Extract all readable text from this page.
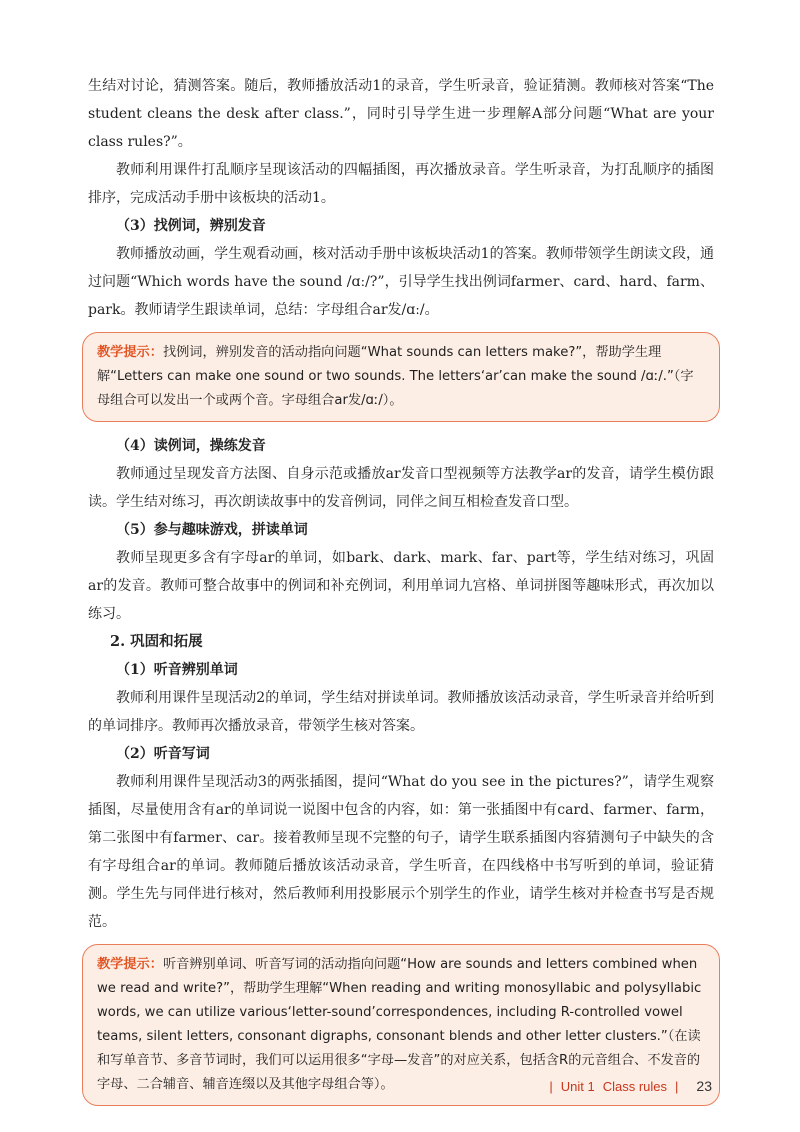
生结对讨论，猜测答案。随后，教师播放活动1的录音，学生听录音，验证猜测。教师核对答案“The student cleans the desk after class.”，同时引导学生进一步理解A部分问题“What are your class rules?”。

教师利用课件打乱顺序呈现该活动的四幅插图，再次播放录音。学生听录音，为打乱顺序的插图排序，完成活动手册中该板块的活动1。

（3）找例词，辨别发音

教师播放动画，学生观看动画，核对活动手册中该板块活动1的答案。教师带领学生朗读文段，通过问题“Which words have the sound /ɑː/?”，引导学生找出例词farmer、card、hard、farm、park。教师请学生跟读单词，总结：字母组合ar发/ɑː/。

教学提示：找例词，辨别发音的活动指向问题“What sounds can letters make?”，帮助学生理解“Letters can make one sound or two sounds. The letters‘ar’can make the sound /ɑː/.”（字母组合可以发出一个或两个音。字母组合ar发/ɑː/）。

（4）读例词，操练发音

教师通过呈现发音方法图、自身示范或播放ar发音口型视频等方法教学ar的发音，请学生模仿跟读。学生结对练习，再次朗读故事中的发音例词，同伴之间互相检查发音口型。

（5）参与趣味游戏，拼读单词

教师呈现更多含有字母ar的单词，如bark、dark、mark、far、part等，学生结对练习，巩固ar的发音。教师可整合故事中的例词和补充例词，利用单词九宫格、单词拼图等趣味形式，再次加以练习。

2. 巩固和拓展

（1）听音辨别单词

教师利用课件呈现活动2的单词，学生结对拼读单词。教师播放该活动录音，学生听录音并给听到的单词排序。教师再次播放录音，带领学生核对答案。

（2）听音写词

教师利用课件呈现活动3的两张插图，提问“What do you see in the pictures?”，请学生观察插图，尽量使用含有ar的单词说一说图中包含的内容，如：第一张插图中有card、farmer、farm，第二张图中有farmer、car。接着教师呈现不完整的句子，请学生联系插图内容猜测句子中缺失的含有字母组合ar的单词。教师随后播放该活动录音，学生听音，在四线格中书写听到的单词，验证猜测。学生先与同伴进行核对，然后教师利用投影展示个别学生的作业，请学生核对并检查书写是否规范。

教学提示：听音辨别单词、听音写词的活动指向问题“How are sounds and letters combined when we read and write?”，帮助学生理解“When reading and writing monosyllabic and polysyllabic words, we can utilize various‘letter-sound’correspondences, including R-controlled vowel teams, silent letters, consonant digraphs, consonant blends and other letter clusters.”（在读和写单音节、多音节词时，我们可以运用很多“字母—发音”的对应关系，包括含R的元音组合、不发音的字母、二合辅音、辅音连缀以及其他字母组合等）。	| Unit 1 Class rules | 23
